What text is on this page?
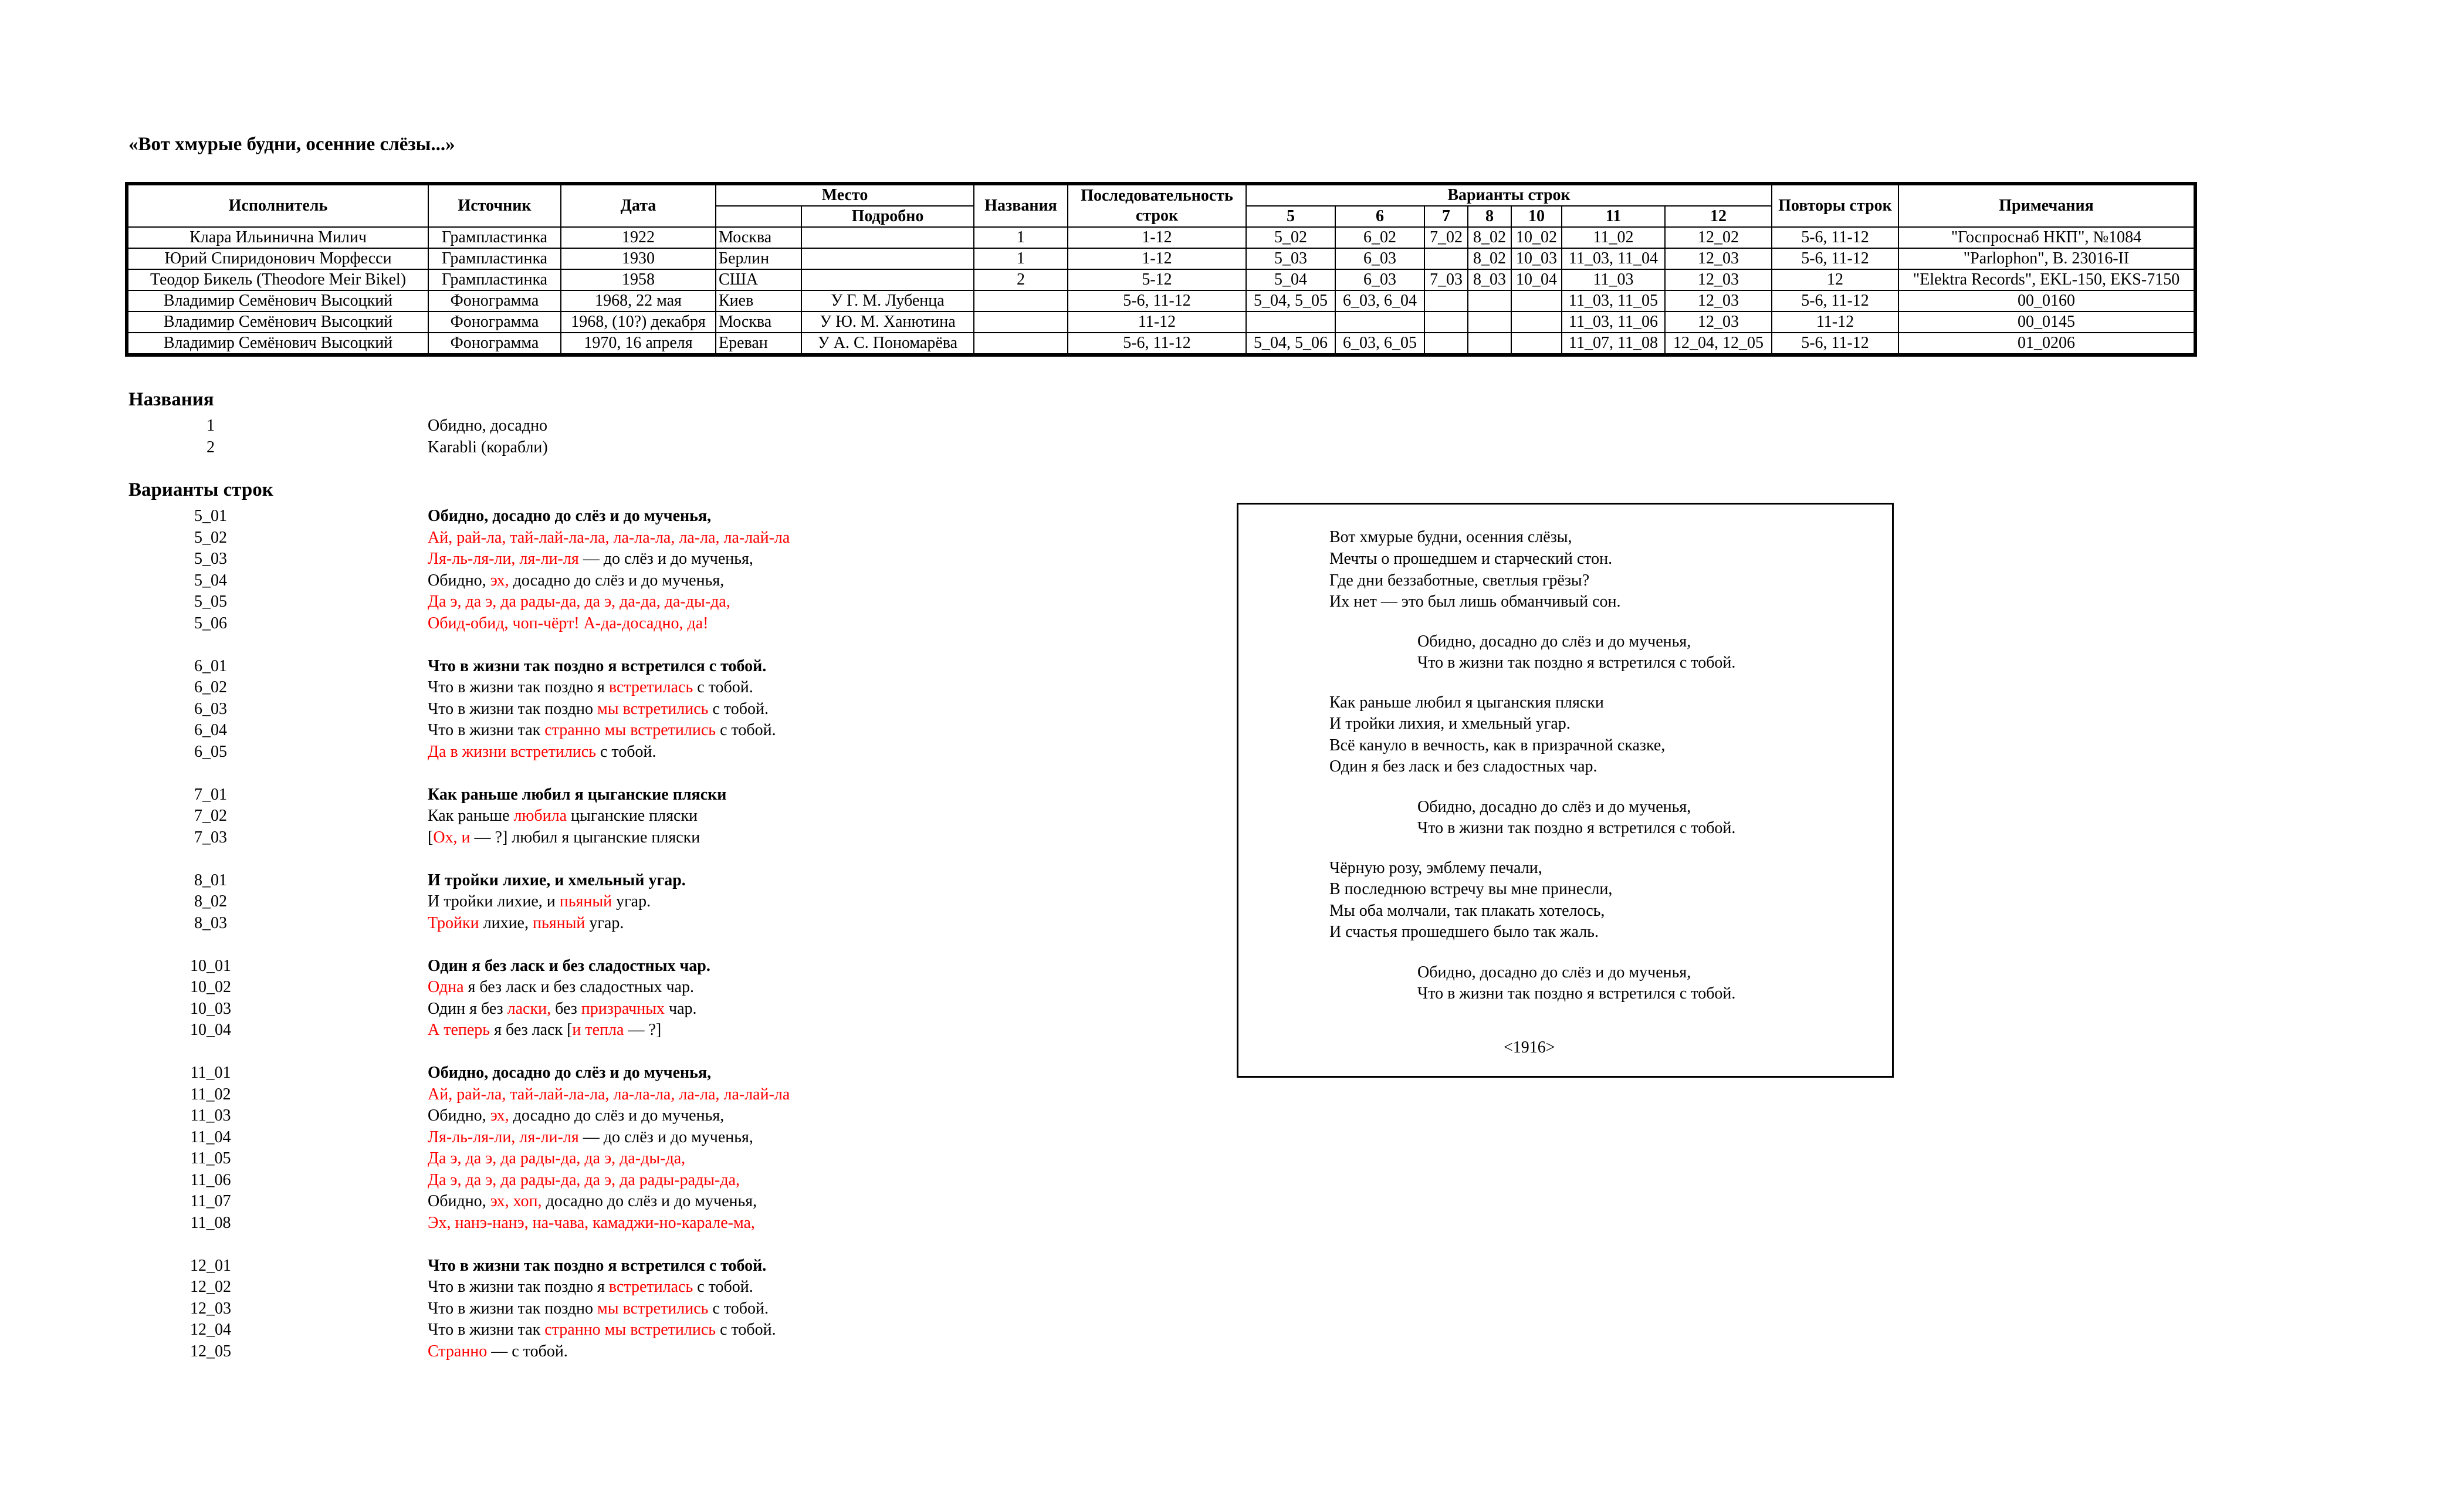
«Вот хмурые будни, осенние слёзы...»
Исполнитель	Источник	Дата	Место		Названия	Последовательность строк	Варианты строк							Повторы строк	Примечания
				Подробно			5	6	7	8	10	11	12		
Клара Ильинична Милич	Грампластинка	1922	Москва		1	1-12	5_02	6_02	7_02	8_02	10_02	11_02	12_02	5-6, 11-12	"Госпроснаб НКП", №1084
Юрий Спиридонович Морфесси	Грампластинка	1930	Берлин		1	1-12	5_03	6_03		8_02	10_03	11_03, 11_04	12_03	5-6, 11-12	"Parlophon", B. 23016-II
Теодор Бикель (Theodore Meir Bikel)	Грампластинка	1958	США		2	5-12	5_04	6_03	7_03	8_03	10_04	11_03	12_03	12	"Elektra Records", EKL-150, EKS-7150
Владимир Семёнович Высоцкий	Фонограмма	1968, 22 мая	Киев	У Г. М. Лубенца		5-6, 11-12	5_04, 5_05	6_03, 6_04				11_03, 11_05	12_03	5-6, 11-12	00_0160
Владимир Семёнович Высоцкий	Фонограмма	1968, (10?) декабря	Москва	У Ю. М. Ханютина		11-12						11_03, 11_06	12_03	11-12	00_0145
Владимир Семёнович Высоцкий	Фонограмма	1970, 16 апреля	Ереван	У А. С. Пономарёва		5-6, 11-12	5_04, 5_06	6_03, 6_05				11_07, 11_08	12_04, 12_05	5-6, 11-12	01_0206
Названия
1	Обидно, досадно
2	Karabli (корабли)
Варианты строк
5_01	Обидно, досадно до слёз и до мученья,
5_02	Ай, рай-ла, тай-лай-ла-ла, ла-ла-ла, ла-ла, ла-лай-ла
5_03	Ля-ль-ля-ли, ля-ли-ля — до слёз и до мученья,
5_04	Обидно, эх, досадно до слёз и до мученья,
5_05	Да э, да э, да рады-да, да э, да-да, да-ды-да,
5_06	Обид-обид, чоп-чёрт! А-да-досадно, да!
6_01	Что в жизни так поздно я встретился с тобой.
6_02	Что в жизни так поздно я встретилась с тобой.
6_03	Что в жизни так поздно мы встретились с тобой.
6_04	Что в жизни так странно мы встретились с тобой.
6_05	Да в жизни встретились с тобой.
7_01	Как раньше любил я цыганские пляски
7_02	Как раньше любила цыганские пляски
7_03	[Ох, и — ?] любил я цыганские пляски
8_01	И тройки лихие, и хмельный угар.
8_02	И тройки лихие, и пьяный угар.
8_03	Тройки лихие, пьяный угар.
10_01	Один я без ласк и без сладостных чар.
10_02	Одна я без ласк и без сладостных чар.
10_03	Один я без ласки, без призрачных чар.
10_04	А теперь я без ласк [и тепла — ?]
11_01	Обидно, досадно до слёз и до мученья,
11_02	Ай, рай-ла, тай-лай-ла-ла, ла-ла-ла, ла-ла, ла-лай-ла
11_03	Обидно, эх, досадно до слёз и до мученья,
11_04	Ля-ль-ля-ли, ля-ли-ля — до слёз и до мученья,
11_05	Да э, да э, да рады-да, да э, да-ды-да,
11_06	Да э, да э, да рады-да, да э, да рады-рады-да,
11_07	Обидно, эх, хоп, досадно до слёз и до мученья,
11_08	Эх, нанэ-нанэ, на-чава, камаджи-но-карале-ма,
12_01	Что в жизни так поздно я встретился с тобой.
12_02	Что в жизни так поздно я встретилась с тобой.
12_03	Что в жизни так поздно мы встретились с тобой.
12_04	Что в жизни так странно мы встретились с тобой.
12_05	Странно — с тобой.
Вот хмурые будни, осенния слёзы,
Мечты о прошедшем и старческий стон.
Где дни беззаботные, светлыя грёзы?
Их нет — это был лишь обманчивый сон.
Обидно, досадно до слёз и до мученья,
Что в жизни так поздно я встретился с тобой.
Как раньше любил я цыганския пляски
И тройки лихия, и хмельный угар.
Всё кануло в вечность, как в призрачной сказке,
Один я без ласк и без сладостных чар.
Обидно, досадно до слёз и до мученья,
Что в жизни так поздно я встретился с тобой.
Чёрную розу, эмблему печали,
В последнюю встречу вы мне принесли,
Мы оба молчали, так плакать хотелось,
И счастья прошедшего было так жаль.
Обидно, досадно до слёз и до мученья,
Что в жизни так поздно я встретился с тобой.
<1916>
